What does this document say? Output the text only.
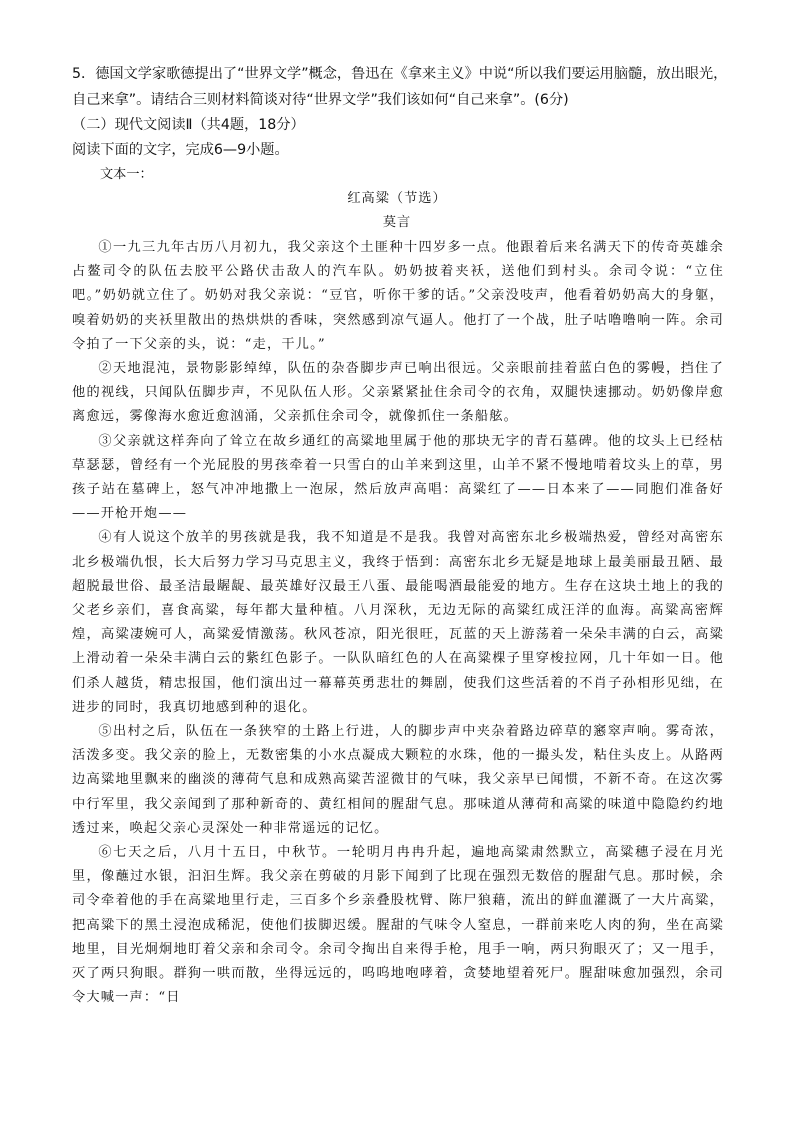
5．德国文学家歌德提出了“世界文学”概念，鲁迅在《拿来主义》中说“所以我们要运用脑髓，放出眼光，
自己来拿”。请结合三则材料简谈对待“世界文学”我们该如何“自己来拿”。(6分)
（二）现代文阅读Ⅱ（共4题，18分）
阅读下面的文字，完成6—9小题。
文本一：
红高粱（节选）
莫言

①一九三九年古历八月初九，我父亲这个土匪种十四岁多一点。他跟着后来名满天下的传奇英雄余占鳌司令的队伍去胶平公路伏击敌人的汽车队。奶奶披着夹袄，送他们到村头。余司令说：“立住吧。”奶奶就立住了。奶奶对我父亲说：“豆官，听你干爹的话。”父亲没吱声，他看着奶奶高大的身躯，嗅着奶奶的夹袄里散出的热烘烘的香味，突然感到凉气逼人。他打了一个战，肚子咕噜噜响一阵。余司令拍了一下父亲的头，说：“走，干儿。”

②天地混沌，景物影影绰绰，队伍的杂沓脚步声已响出很远。父亲眼前挂着蓝白色的雾幔，挡住了他的视线，只闻队伍脚步声，不见队伍人形。父亲紧紧扯住余司令的衣角，双腿快速挪动。奶奶像岸愈离愈远，雾像海水愈近愈汹涌，父亲抓住余司令，就像抓住一条船舷。

③父亲就这样奔向了耸立在故乡通红的高粱地里属于他的那块无字的青石墓碑。他的坟头上已经枯草瑟瑟，曾经有一个光屁股的男孩牵着一只雪白的山羊来到这里，山羊不紧不慢地啃着坟头上的草，男孩子站在墓碑上，怒气冲冲地撒上一泡尿，然后放声高唱：高粱红了——日本来了——同胞们准备好——开枪开炮——

④有人说这个放羊的男孩就是我，我不知道是不是我。我曾对高密东北乡极端热爱，曾经对高密东北乡极端仇恨，长大后努力学习马克思主义，我终于悟到：高密东北乡无疑是地球上最美丽最丑陋、最超脱最世俗、最圣洁最龌龊、最英雄好汉最王八蛋、最能喝酒最能爱的地方。生存在这块土地上的我的父老乡亲们，喜食高粱，每年都大量种植。八月深秋，无边无际的高粱红成汪洋的血海。高粱高密辉煌，高粱凄婉可人，高粱爱情激荡。秋风苍凉，阳光很旺，瓦蓝的天上游荡着一朵朵丰满的白云，高粱上滑动着一朵朵丰满白云的紫红色影子。一队队暗红色的人在高粱棵子里穿梭拉网，几十年如一日。他们杀人越货，精忠报国，他们演出过一幕幕英勇悲壮的舞剧，使我们这些活着的不肖子孙相形见绌，在进步的同时，我真切地感到种的退化。

⑤出村之后，队伍在一条狭窄的土路上行进，人的脚步声中夹杂着路边碎草的窸窣声响。雾奇浓，活泼多变。我父亲的脸上，无数密集的小水点凝成大颗粒的水珠，他的一撮头发，粘住头皮上。从路两边高粱地里飘来的幽淡的薄荷气息和成熟高粱苦涩微甘的气味，我父亲早已闻惯，不新不奇。在这次雾中行军里，我父亲闻到了那种新奇的、黄红相间的腥甜气息。那味道从薄荷和高粱的味道中隐隐约约地透过来，唤起父亲心灵深处一种非常遥远的记忆。

⑥七天之后，八月十五日，中秋节。一轮明月冉冉升起，遍地高粱肃然默立，高粱穗子浸在月光里，像蘸过水银，汩汩生辉。我父亲在剪破的月影下闻到了比现在强烈无数倍的腥甜气息。那时候，余司令牵着他的手在高粱地里行走，三百多个乡亲叠股枕臂、陈尸狼藉，流出的鲜血灌溉了一大片高粱，把高粱下的黑土浸泡成稀泥，使他们拔脚迟缓。腥甜的气味令人窒息，一群前来吃人肉的狗，坐在高粱地里，目光炯炯地盯着父亲和余司令。余司令掏出自来得手枪，甩手一响，两只狗眼灭了；又一甩手，灭了两只狗眼。群狗一哄而散，坐得远远的，呜呜地咆哮着，贪婪地望着死尸。腥甜味愈加强烈，余司令大喊一声：“日
